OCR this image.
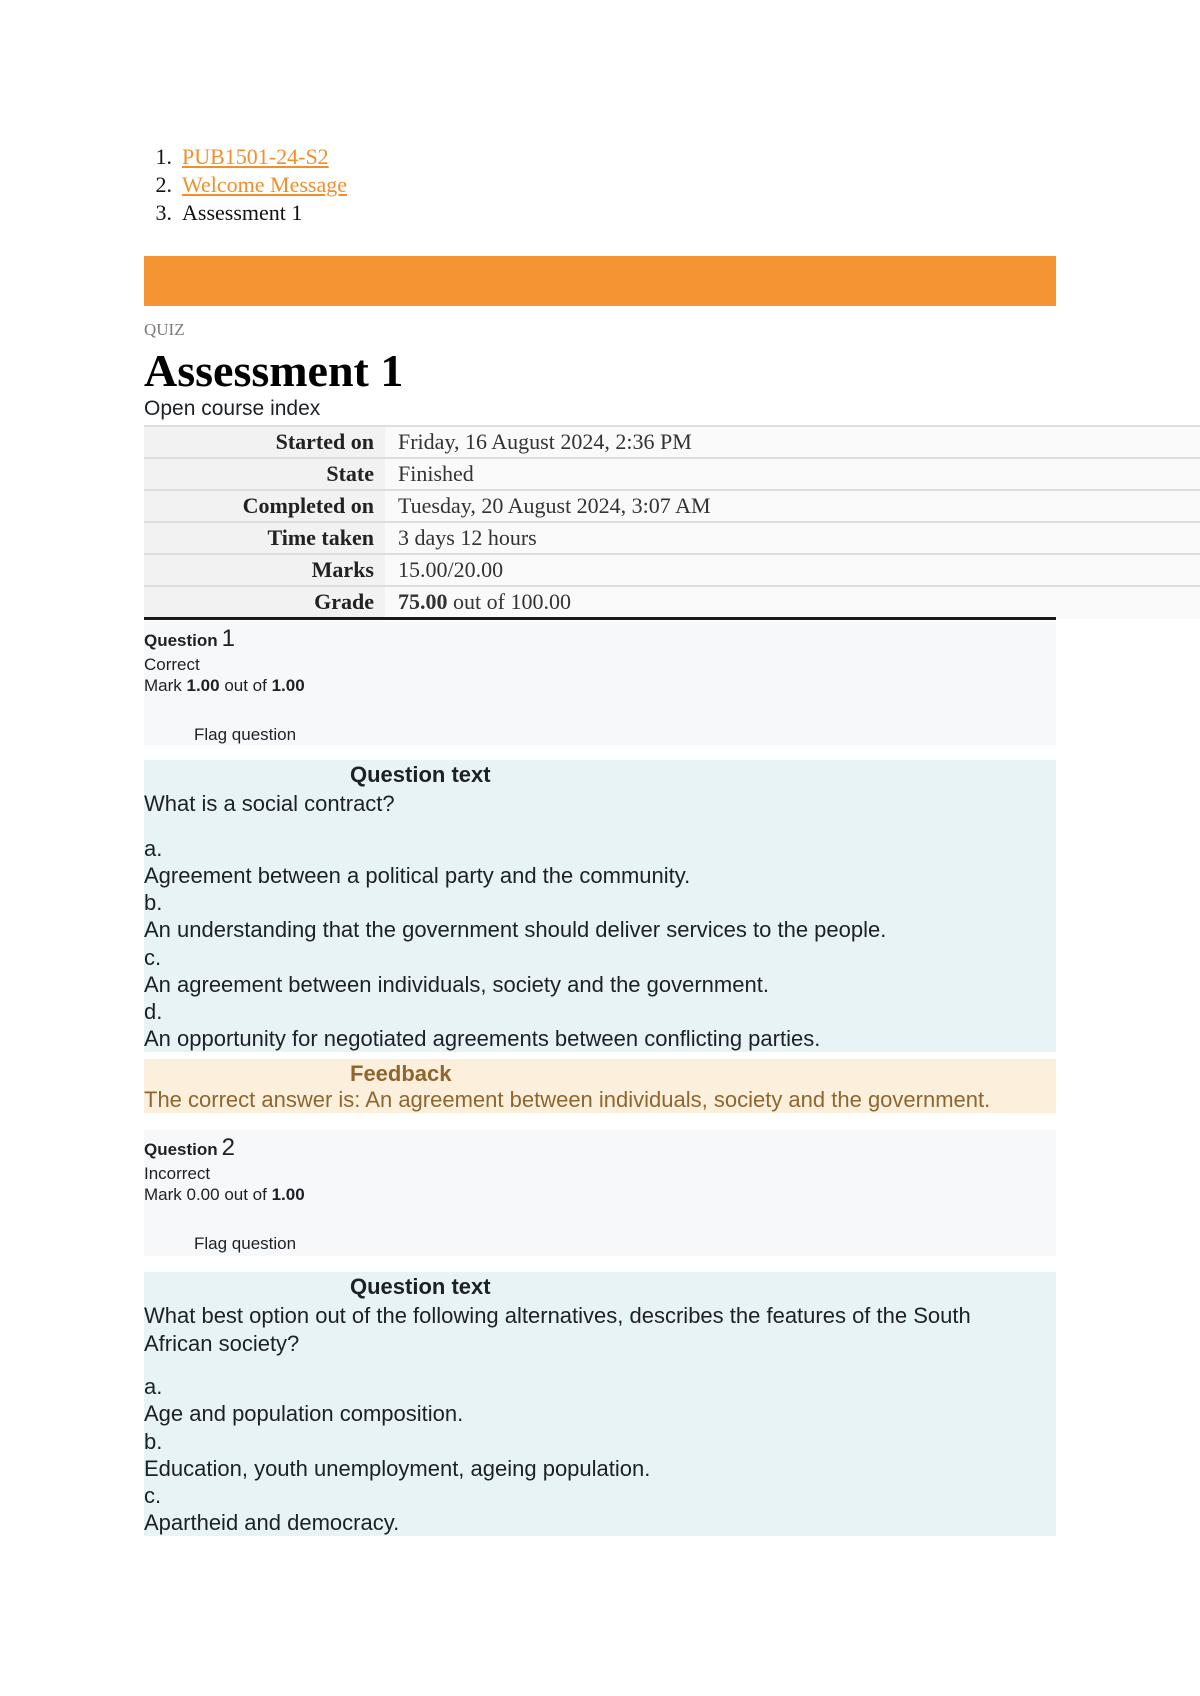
1. PUB1501-24-S2
2. Welcome Message
3. Assessment 1
QUIZ
Assessment 1
Open course index
Started on	Friday, 16 August 2024, 2:36 PM
State	Finished
Completed on	Tuesday, 20 August 2024, 3:07 AM
Time taken	3 days 12 hours
Marks	15.00/20.00
Grade	75.00 out of 100.00
Question 1
Correct
Mark 1.00 out of 1.00
Flag question
Question text
What is a social contract?
a.
Agreement between a political party and the community.
b.
An understanding that the government should deliver services to the people.
c.
An agreement between individuals, society and the government.
d.
An opportunity for negotiated agreements between conflicting parties.
Feedback
The correct answer is: An agreement between individuals, society and the government.
Question 2
Incorrect
Mark 0.00 out of 1.00
Flag question
Question text
What best option out of the following alternatives, describes the features of the South African society?
a.
Age and population composition.
b.
Education, youth unemployment, ageing population.
c.
Apartheid and democracy.
